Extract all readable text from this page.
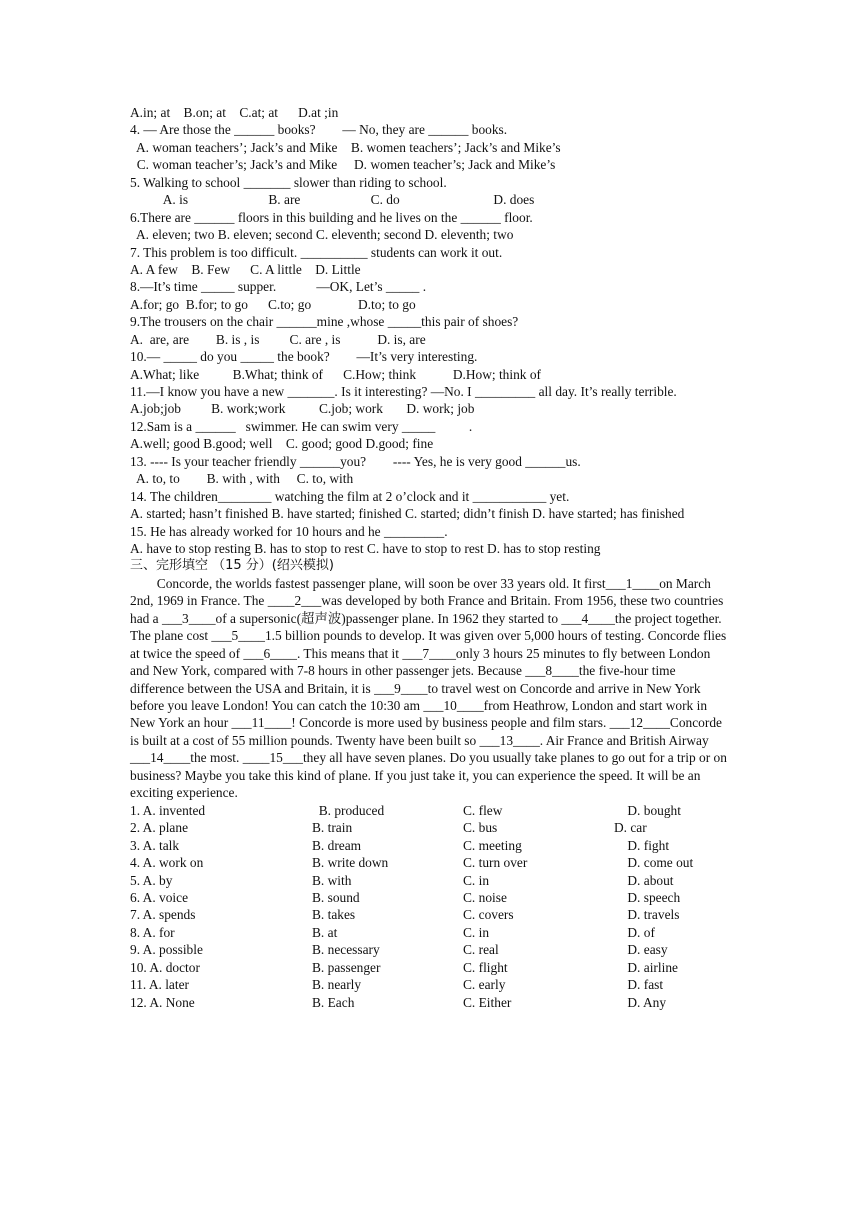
A.in; at    B.on; at    C.at; at      D.at ;in
4. — Are those the ______ books?        — No, they are ______ books.
A. woman teachers’; Jack’s and Mike    B. women teachers’; Jack’s and Mike’s
C. woman teacher’s; Jack’s and Mike     D. women teacher’s; Jack and Mike’s
5. Walking to school _______ slower than riding to school.
A. is                        B. are                     C. do                            D. does
6.There are ______ floors in this building and he lives on the ______ floor.
A. eleven; two B. eleven; second C. eleventh; second D. eleventh; two
7. This problem is too difficult. __________ students can work it out.
A. A few    B. Few      C. A little    D. Little
8.—It’s time _____ supper.            —OK, Let’s _____ .
A.for; go  B.for; to go      C.to; go              D.to; to go
9.The trousers on the chair ______mine ,whose _____this pair of shoes?
A.  are, are        B. is , is         C. are , is           D. is, are
10.— _____ do you _____ the book?        —It’s very interesting.
A.What; like          B.What; think of      C.How; think           D.How; think of
11.—I know you have a new _______. Is it interesting? —No. I _________ all day. It’s really terrible.
A.job;job         B. work;work          C.job; work       D. work; job
12.Sam is a ______   swimmer. He can swim very _____          .
A.well; good B.good; well    C. good; good D.good; fine
13. ---- Is your teacher friendly ______you?        ---- Yes, he is very good ______us.
A. to, to        B. with , with     C. to, with
14. The children________ watching the film at 2 o’clock and it ___________ yet.
A. started; hasn’t finished B. have started; finished C. started; didn’t finish D. have started; has finished
15. He has already worked for 10 hours and he _________.
A. have to stop resting B. has to stop to rest C. have to stop to rest D. has to stop resting
三、完形填空 （15 分）(绍兴模拟)
Concorde, the worlds fastest passenger plane, will soon be over 33 years old. It first___1____on March 2nd, 1969 in France. The ____2___was developed by both France and Britain. From 1956, these two countries had a ___3____of a supersonic(超声波)passenger plane. In 1962 they started to ___4____the project together. The plane cost ___5____1.5 billion pounds to develop. It was given over 5,000 hours of testing. Concorde flies at twice the speed of ___6____. This means that it ___7____only 3 hours 25 minutes to fly between London and New York, compared with 7-8 hours in other passenger jets. Because ___8____the five-hour time difference between the USA and Britain, it is ___9____to travel west on Concorde and arrive in New York before you leave London! You can catch the 10:30 am ___10____from Heathrow, London and start work in New York an hour ___11____! Concorde is more used by business people and film stars. ___12____Concorde is built at a cost of 55 million pounds. Twenty have been built so ___13____. Air France and British Airway ___14____the most. ____15___they all have seven planes. Do you usually take planes to go out for a trip or on business? Maybe you take this kind of plane. If you just take it, you can experience the speed. It will be an exciting experience.
1. A. invented	B. produced	C. flew	D. bought
2. A. plane	B. train	C. bus	D. car
3. A. talk	B. dream	C. meeting	D. fight
4. A. work on	B. write down	C. turn over	D. come out
5. A. by	B. with	C. in	D. about
6. A. voice	B. sound	C. noise	D. speech
7. A. spends	B. takes	C. covers	D. travels
8. A. for	B. at	C. in	D. of
9. A. possible	B. necessary	C. real	D. easy
10. A. doctor	B. passenger	C. flight	D. airline
11. A. later	B. nearly	C. early	D. fast
12. A. None	B. Each	C. Either	D. Any
